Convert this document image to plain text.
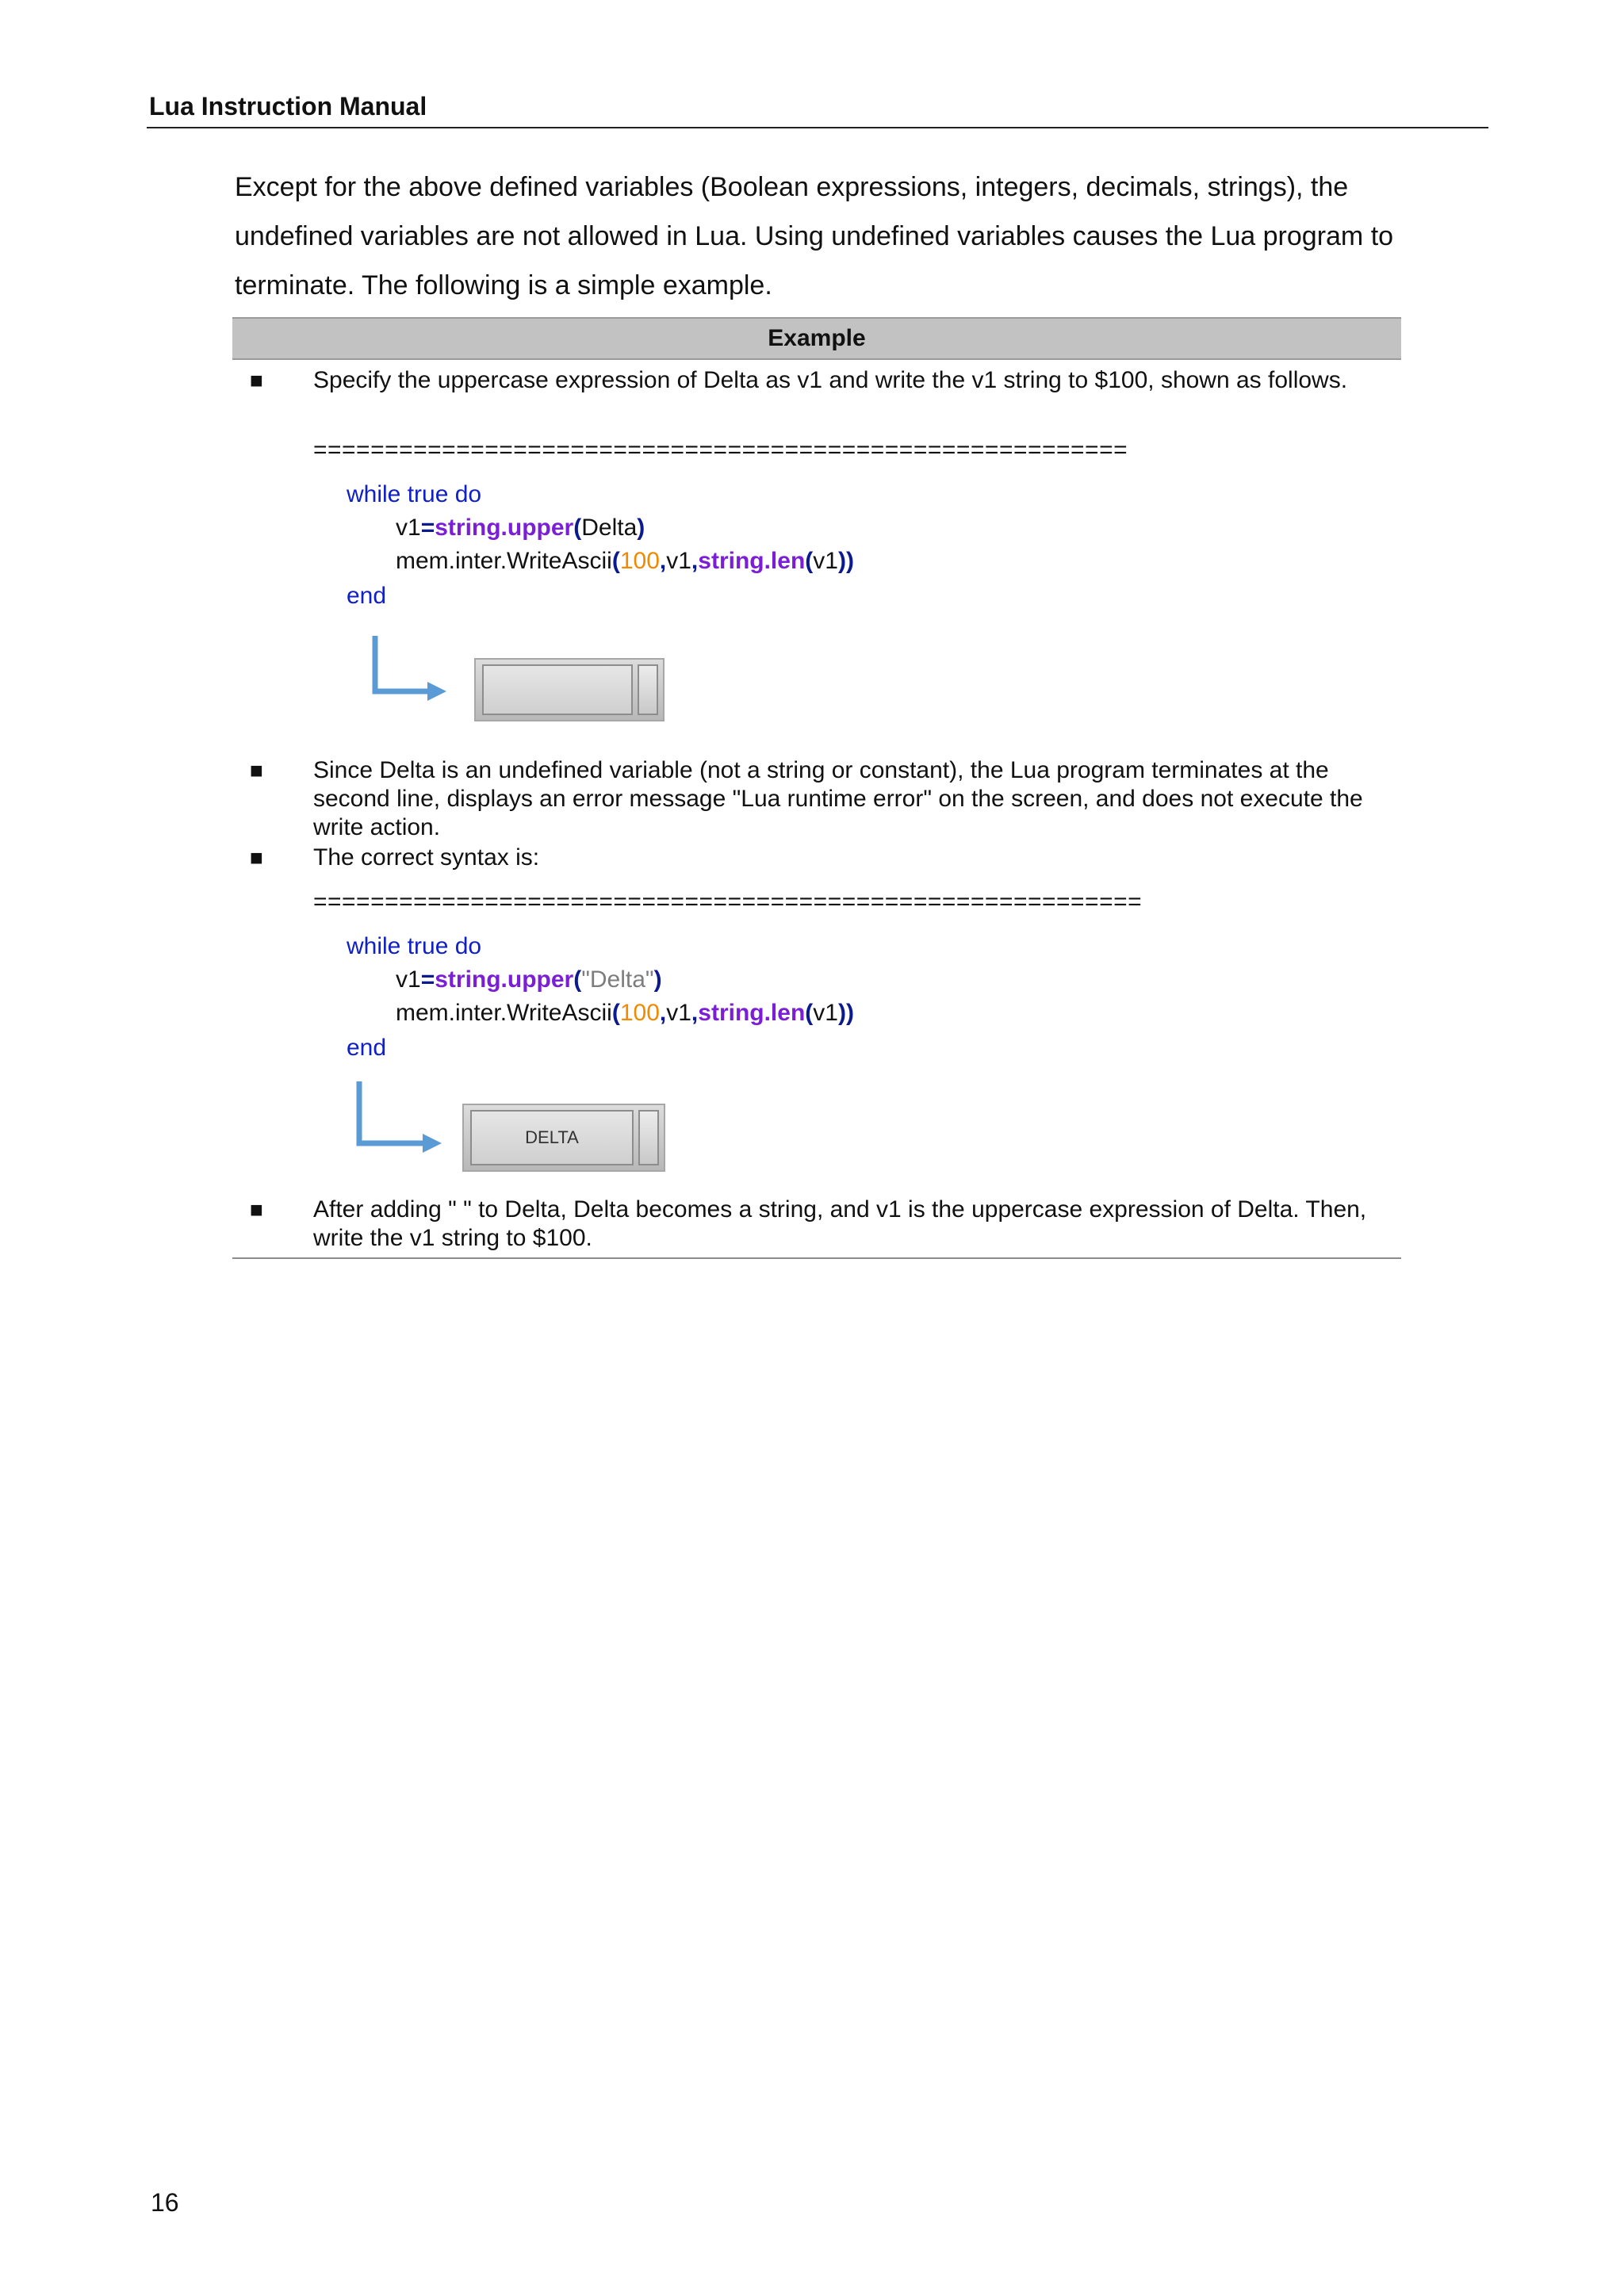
Lua Instruction Manual
Except for the above defined variables (Boolean expressions, integers, decimals, strings), the undefined variables are not allowed in Lua. Using undefined variables causes the Lua program to terminate. The following is a simple example.
Example
■ Specify the uppercase expression of Delta as v1 and write the v1 string to $100, shown as follows.
=========================================================
while true do
v1=string.upper(Delta)
mem.inter.WriteAscii(100,v1,string.len(v1))
end
■ Since Delta is an undefined variable (not a string or constant), the Lua program terminates at the second line, displays an error message "Lua runtime error" on the screen, and does not execute the write action.
■ The correct syntax is:
==========================================================
while true do
v1=string.upper("Delta")
mem.inter.WriteAscii(100,v1,string.len(v1))
end
DELTA
■ After adding " " to Delta, Delta becomes a string, and v1 is the uppercase expression of Delta. Then, write the v1 string to $100.
16
